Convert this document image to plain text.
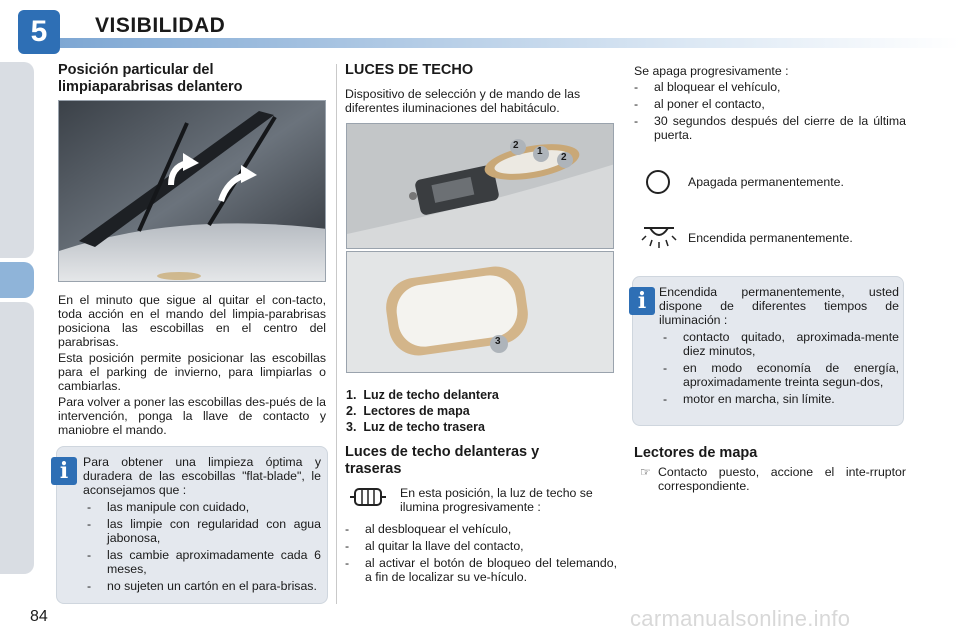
5	VISIBILIDAD
Posición particular del limpiaparabrisas delantero

En el minuto que sigue al quitar el con-tacto, toda acción en el mando del limpia-parabrisas posiciona las escobillas en el centro del parabrisas.

Esta posición permite posicionar las escobillas para el parking de invierno, para limpiarlas o cambiarlas.

Para volver a poner las escobillas des-pués de la intervención, ponga la llave de contacto y maniobre el mando.

i	Para obtener una limpieza óptima y duradera de las escobillas "flat-blade", le aconsejamos que :

- las manipule con cuidado,
- las limpie con regularidad con agua jabonosa,
- las cambie aproximadamente cada 6 meses,
- no sujeten un cartón en el para-brisas.
LUCES DE TECHO

Dispositivo de selección y de mando de las diferentes iluminaciones del habitáculo.

2
1
2
3
1. Luz de techo delantera
2. Lectores de mapa
3. Luz de techo trasera
Luces de techo delanteras y traseras

En esta posición, la luz de techo se ilumina progresivamente :

- al desbloquear el vehículo,
- al quitar la llave del contacto,
- al activar el botón de bloqueo del telemando, a fin de localizar su ve-hículo.

Se apaga progresivamente :

- al bloquear el vehículo,
- al poner el contacto,
- 30 segundos después del cierre de la última puerta.

Apagada permanentemente.

Encendida permanentemente.

i	Encendida permanentemente, usted dispone de diferentes tiempos de iluminación :

- contacto quitado, aproximada-mente diez minutos,
- en modo economía de energía, aproximadamente treinta segun-dos,
- motor en marcha, sin límite.
Lectores de mapa
☞ Contacto puesto, accione el inte-rruptor correspondiente.

84	carmanualsonline.info
